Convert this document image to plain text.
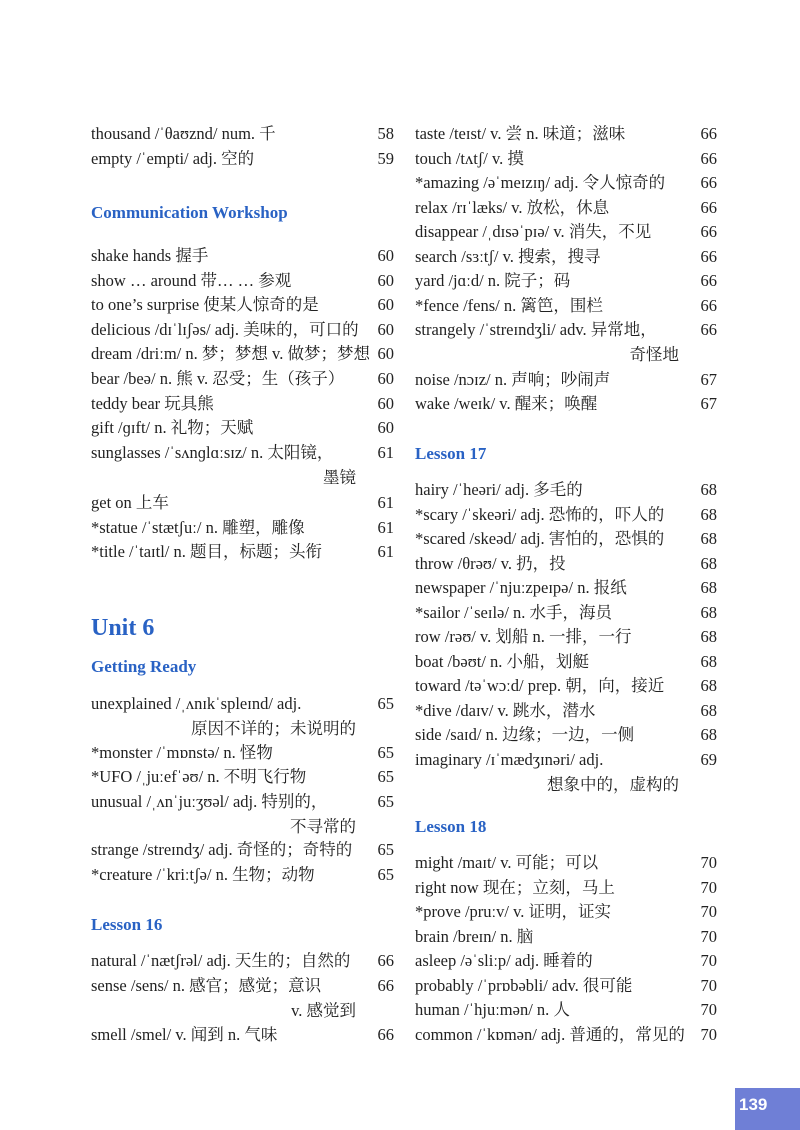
thousand /ˈθaʊznd/ num. 千	58
empty /ˈempti/ adj. 空的	59
Communication Workshop
shake hands 握手	60
show … around 带… … 参观	60
to one’s surprise 使某人惊奇的是	60
delicious /dɪˈlɪʃəs/ adj. 美味的，可口的 60
dream /driːm/ n. 梦；梦想 v. 做梦；梦想 60
bear /beə/ n. 熊 v. 忍受；生（孩子） 60
teddy bear 玩具熊	60
gift /ɡɪft/ n. 礼物；天赋	60
sunglasses /ˈsʌnɡlɑːsɪz/ n. 太阳镜，	61
墨镜
get on 上车	61
*statue /ˈstætʃuː/ n. 雕塑，雕像	61
*title /ˈtaɪtl/ n. 题目，标题；头衔	61
Unit 6
Getting Ready
unexplained /ˌʌnɪkˈspleɪnd/ adj.	65
原因不详的；未说明的
*monster /ˈmɒnstə/ n. 怪物	65
*UFO /ˌjuːefˈəʊ/ n. 不明飞行物	65
unusual /ˌʌnˈjuːʒʊəl/ adj. 特别的，	65
不寻常的
strange /streɪndʒ/ adj. 奇怪的；奇特的 65
*creature /ˈkriːtʃə/ n. 生物；动物	65
Lesson 16
natural /ˈnætʃrəl/ adj. 天生的；自然的 66
sense /sens/ n. 感官；感觉；意识	66
v. 感觉到
smell /smel/ v. 闻到 n. 气味	66
taste /teɪst/ v. 尝 n. 味道；滋味	66
touch /tʌtʃ/ v. 摸	66
*amazing /əˈmeɪzɪŋ/ adj. 令人惊奇的 66
relax /rɪˈlæks/ v. 放松，休息	66
disappear /ˌdɪsəˈpɪə/ v. 消失，不见	66
search /sɜːtʃ/ v. 搜索，搜寻	66
yard /jɑːd/ n. 院子；码	66
*fence /fens/ n. 篱笆，围栏	66
strangely /ˈstreɪndʒli/ adv. 异常地，	66
奇怪地
noise /nɔɪz/ n. 声响；吵闹声	67
wake /weɪk/ v. 醒来；唤醒	67
Lesson 17
hairy /ˈheəri/ adj. 多毛的	68
*scary /ˈskeəri/ adj. 恐怖的，吓人的 68
*scared /skeəd/ adj. 害怕的，恐惧的 68
throw /θrəʊ/ v. 扔，投	68
newspaper /ˈnjuːzpeɪpə/ n. 报纸	68
*sailor /ˈseɪlə/ n. 水手，海员	68
row /rəʊ/ v. 划船 n. 一排，一行	68
boat /bəʊt/ n. 小船，划艇	68
toward /təˈwɔːd/ prep. 朝，向，接近 68
*dive /daɪv/ v. 跳水，潜水	68
side /saɪd/ n. 边缘；一边，一侧	68
imaginary /ɪˈmædʒɪnəri/ adj.	69
想象中的，虚构的
Lesson 18
might /maɪt/ v. 可能；可以	70
right now 现在；立刻，马上	70
*prove /pruːv/ v. 证明，证实	70
brain /breɪn/ n. 脑	70
asleep /əˈsliːp/ adj. 睡着的	70
probably /ˈprɒbəbli/ adv. 很可能	70
human /ˈhjuːmən/ n. 人	70
common /ˈkɒmən/ adj. 普通的，常见的 70
139
